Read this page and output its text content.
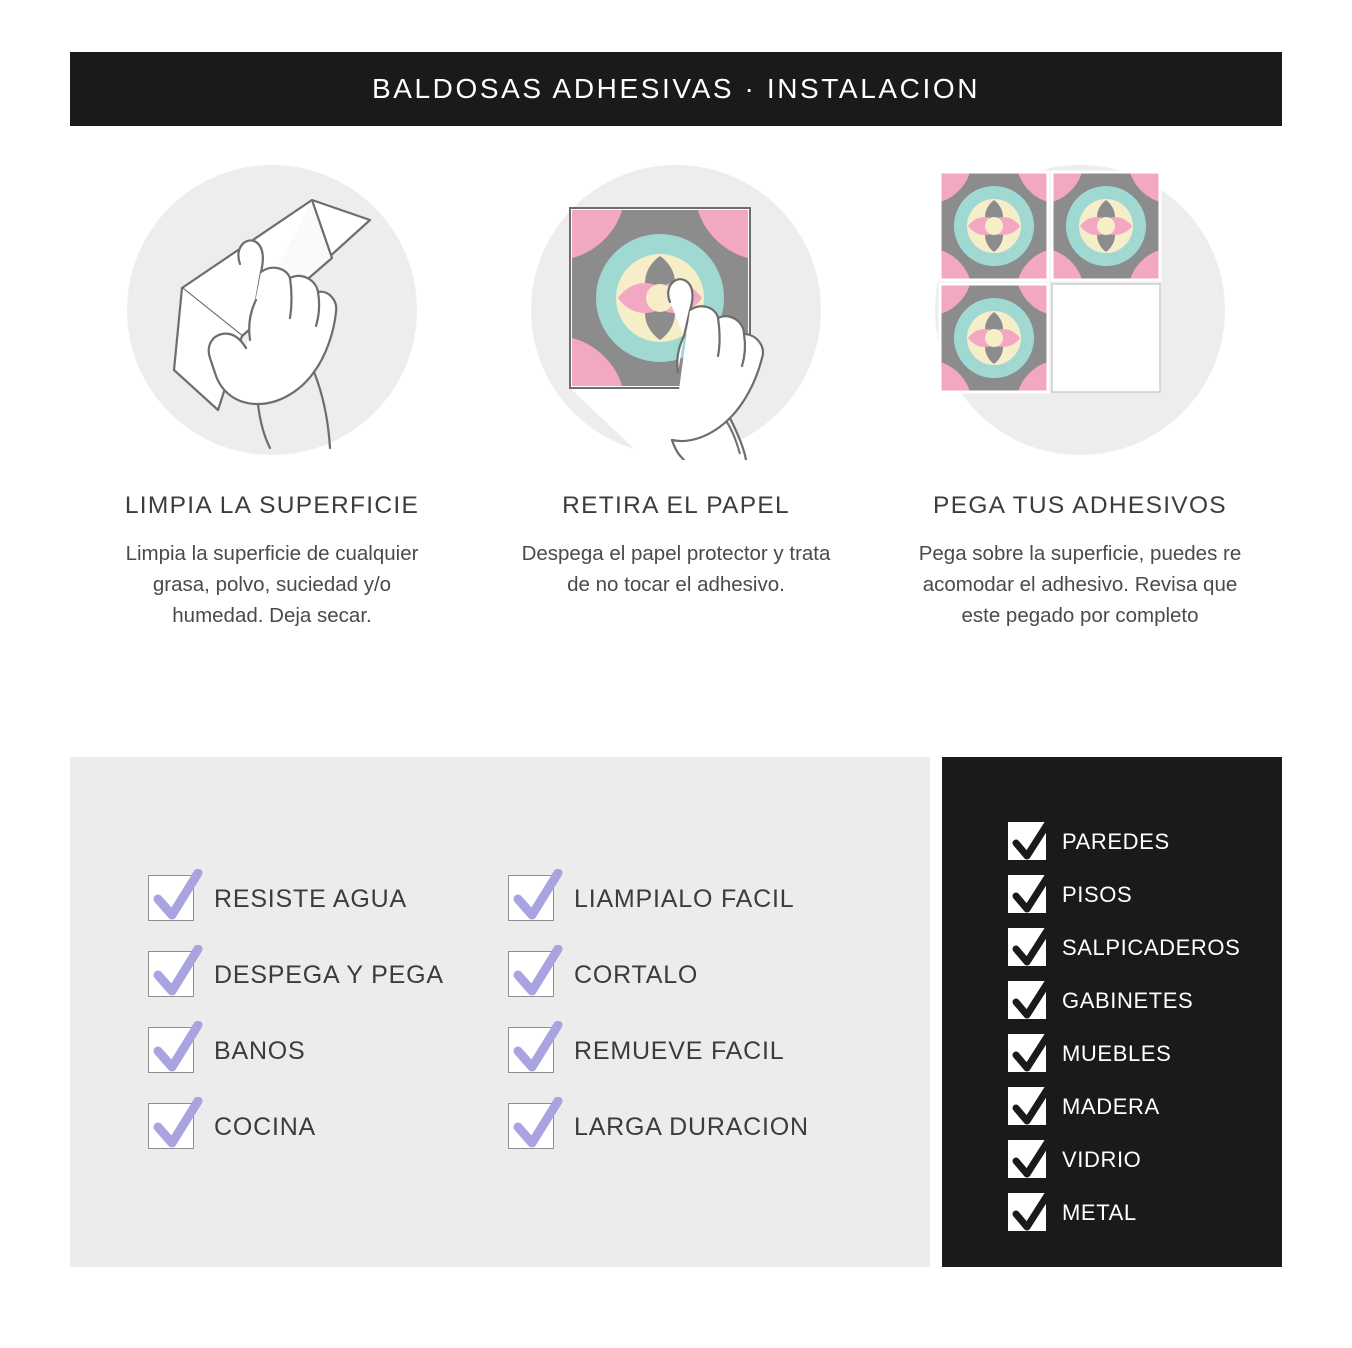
BALDOSAS ADHESIVAS · INSTALACION
LIMPIA LA SUPERFICIE
Limpia la superficie de cualquier grasa, polvo, suciedad y/o humedad. Deja secar.
RETIRA EL PAPEL
Despega el papel protector y trata de no tocar el adhesivo.
PEGA TUS ADHESIVOS
Pega sobre la superficie, puedes re acomodar el adhesivo. Revisa que este pegado por completo
RESISTE AGUA	LIAMPIALO FACIL
DESPEGA Y PEGA	CORTALO
BANOS	REMUEVE FACIL
COCINA	LARGA DURACION
PAREDES
PISOS
SALPICADEROS
GABINETES
MUEBLES
MADERA
VIDRIO
METAL
